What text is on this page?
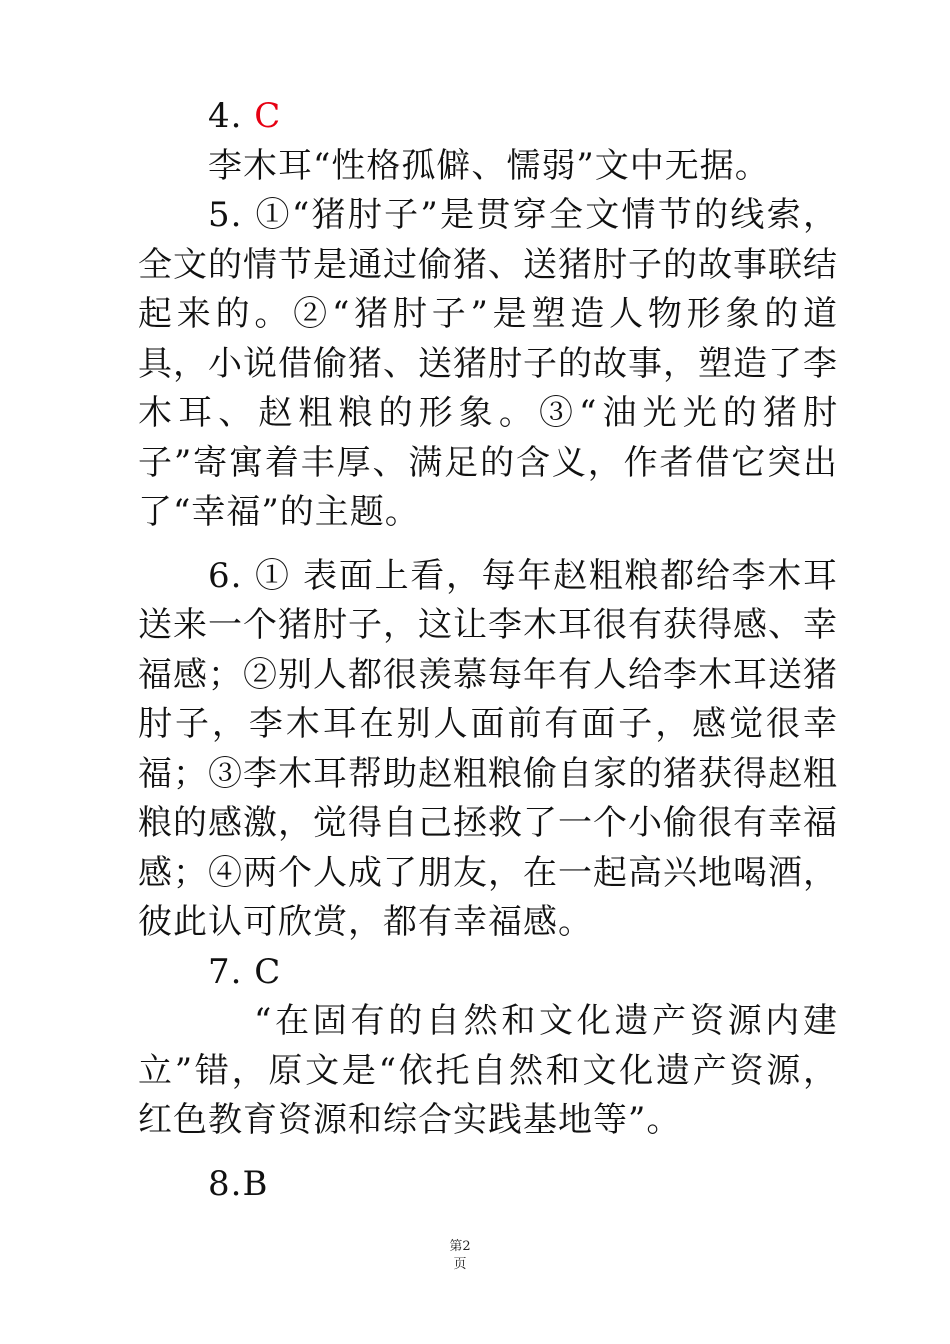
4. C

李木耳“性格孤僻、懦弱”文中无据。

5. ①“猪肘子”是贯穿全文情节的线索，全文的情节是通过偷猪、送猪肘子的故事联结起来的。②“猪肘子”是塑造人物形象的道具，小说借偷猪、送猪肘子的故事，塑造了李木耳、赵粗粮的形象。③“油光光的猪肘子”寄寓着丰厚、满足的含义，作者借它突出了“幸福”的主题。

6. ① 表面上看，每年赵粗粮都给李木耳送来一个猪肘子，这让李木耳很有获得感、幸福感；②别人都很羡慕每年有人给李木耳送猪肘子，李木耳在别人面前有面子，感觉很幸福；③李木耳帮助赵粗粮偷自家的猪获得赵粗粮的感激，觉得自己拯救了一个小偷很有幸福感；④两个人成了朋友，在一起高兴地喝酒，彼此认可欣赏，都有幸福感。

7. C

“在固有的自然和文化遗产资源内建立”错，原文是“依托自然和文化遗产资源，红色教育资源和综合实践基地等”。

8.B

第2
页
